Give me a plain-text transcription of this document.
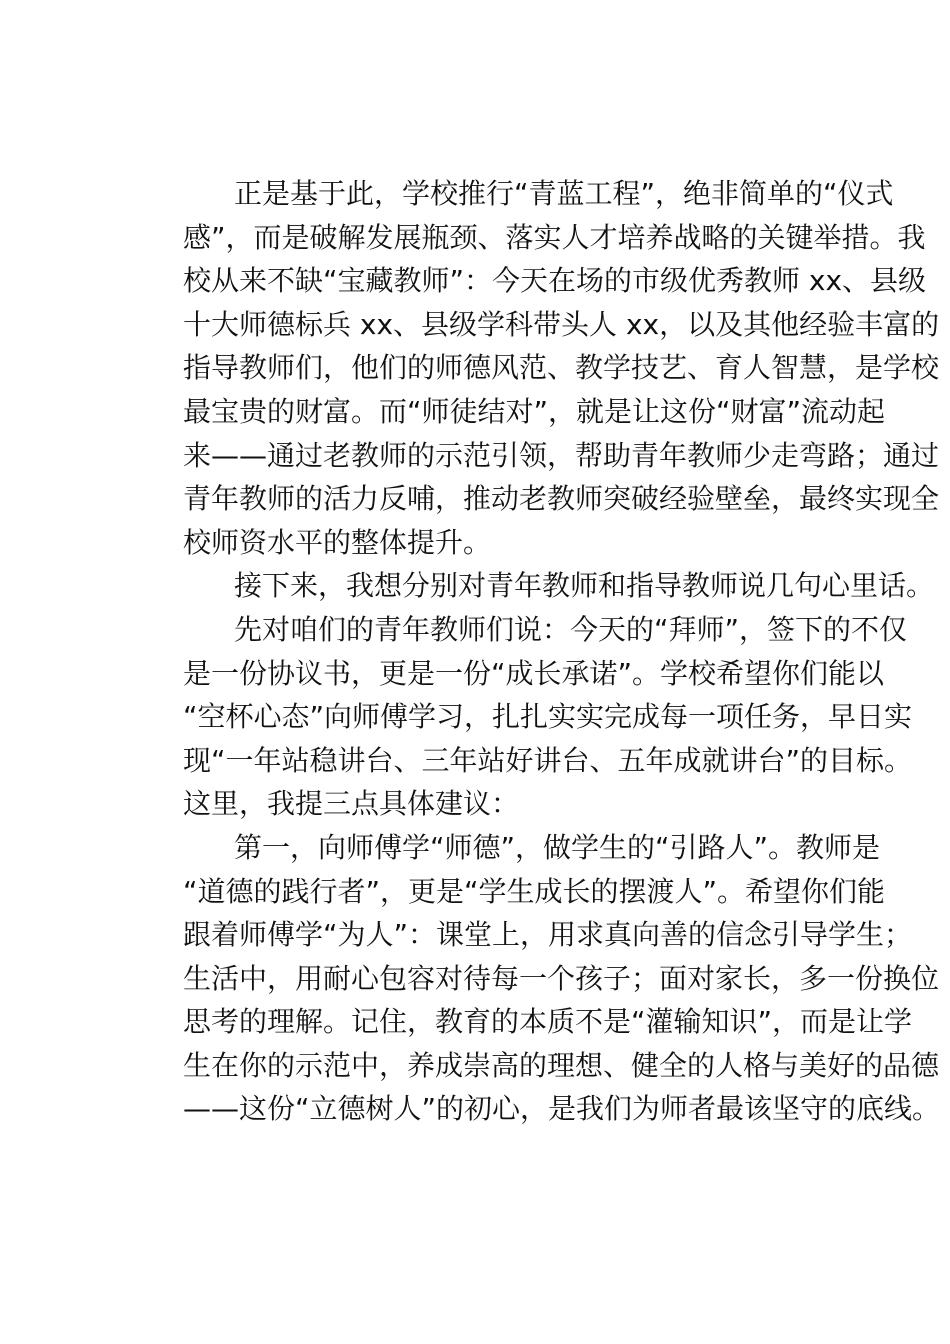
正是基于此，学校推行“青蓝工程”，绝非简单的“仪式
感”，而是破解发展瓶颈、落实人才培养战略的关键举措。我
校从来不缺“宝藏教师”：今天在场的市级优秀教师 xx、县级
十大师德标兵 xx、县级学科带头人 xx，以及其他经验丰富的
指导教师们，他们的师德风范、教学技艺、育人智慧，是学校
最宝贵的财富。而“师徒结对”，就是让这份“财富”流动起
来——通过老教师的示范引领，帮助青年教师少走弯路；通过
青年教师的活力反哺，推动老教师突破经验壁垒，最终实现全
校师资水平的整体提升。
接下来，我想分别对青年教师和指导教师说几句心里话。
先对咱们的青年教师们说：今天的“拜师”，签下的不仅
是一份协议书，更是一份“成长承诺”。学校希望你们能以
“空杯心态”向师傅学习，扎扎实实完成每一项任务，早日实
现“一年站稳讲台、三年站好讲台、五年成就讲台”的目标。
这里，我提三点具体建议：
第一，向师傅学“师德”，做学生的“引路人”。教师是
“道德的践行者”，更是“学生成长的摆渡人”。希望你们能
跟着师傅学“为人”：课堂上，用求真向善的信念引导学生；
生活中，用耐心包容对待每一个孩子；面对家长，多一份换位
思考的理解。记住，教育的本质不是“灌输知识”，而是让学
生在你的示范中，养成崇高的理想、健全的人格与美好的品德
——这份“立德树人”的初心，是我们为师者最该坚守的底线。
